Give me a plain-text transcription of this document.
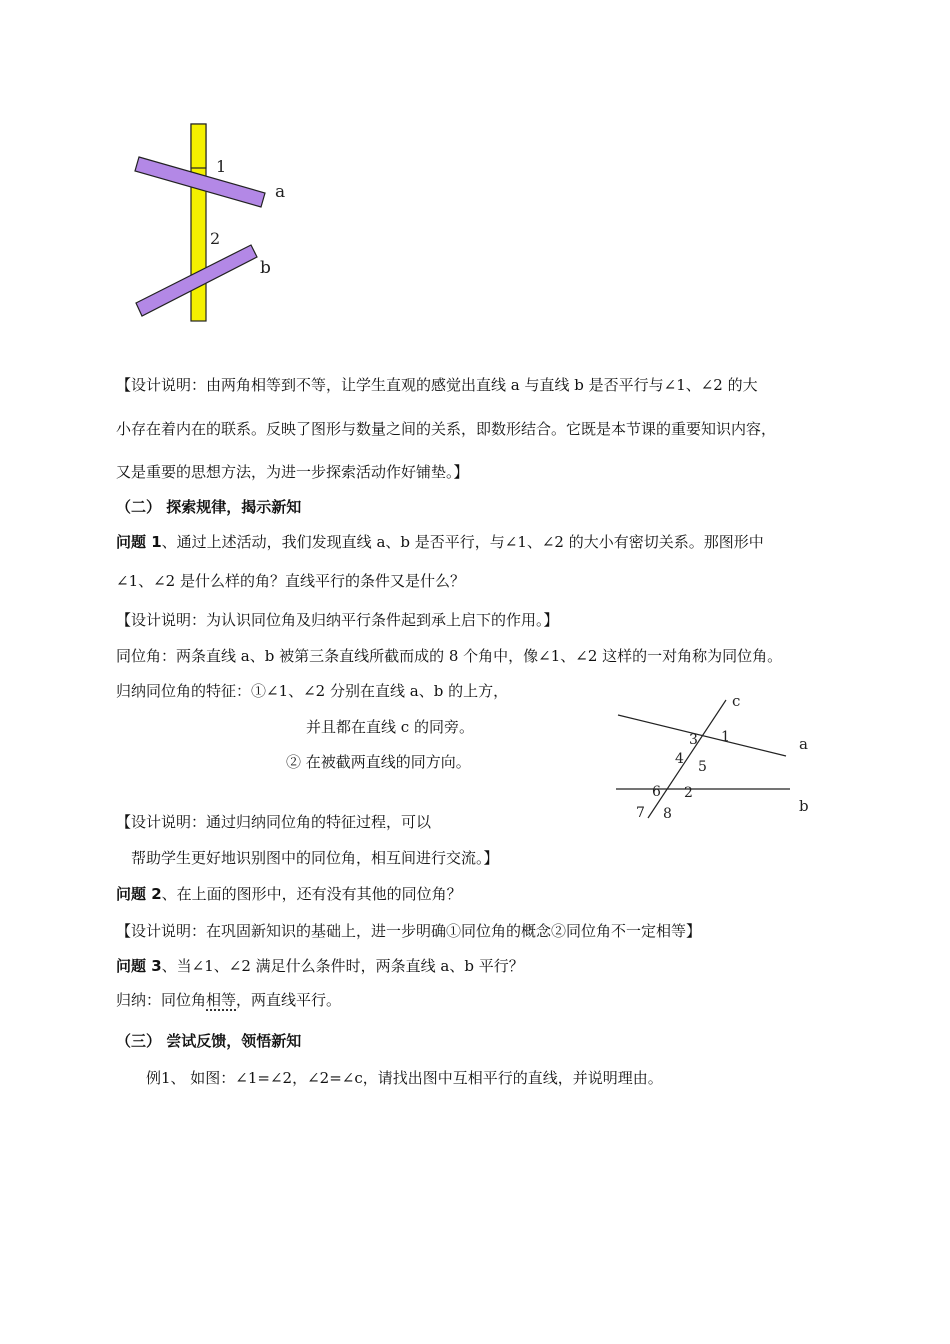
1
2
a
b
【设计说明：由两角相等到不等，让学生直观的感觉出直线 a 与直线 b 是否平行与∠1、∠2 的大
小存在着内在的联系。反映了图形与数量之间的关系，即数形结合。它既是本节课的重要知识内容，
又是重要的思想方法，为进一步探索活动作好铺垫。】
（二） 探索规律，揭示新知
问题 1、通过上述活动，我们发现直线 a、b 是否平行，与∠1、∠2 的大小有密切关系。那图形中
∠1、∠2 是什么样的角？直线平行的条件又是什么？
【设计说明：为认识同位角及归纳平行条件起到承上启下的作用。】
同位角：两条直线 a、b 被第三条直线所截而成的 8 个角中，像∠1、∠2 这样的一对角称为同位角。
归纳同位角的特征：①∠1、∠2 分别在直线 a、b 的上方，
并且都在直线 c 的同旁。
② 在被截两直线的同方向。
c
a
b
1
2
3
4 5
6
7 8
【设计说明：通过归纳同位角的特征过程，可以
帮助学生更好地识别图中的同位角，相互间进行交流。】
问题 2、在上面的图形中，还有没有其他的同位角？
【设计说明：在巩固新知识的基础上，进一步明确①同位角的概念②同位角不一定相等】
问题 3、当∠1、∠2 满足什么条件时，两条直线 a、b 平行？
归纳：同位角相等，两直线平行。
（三） 尝试反馈，领悟新知
例1、 如图：∠1=∠2，∠2=∠c，请找出图中互相平行的直线，并说明理由。
